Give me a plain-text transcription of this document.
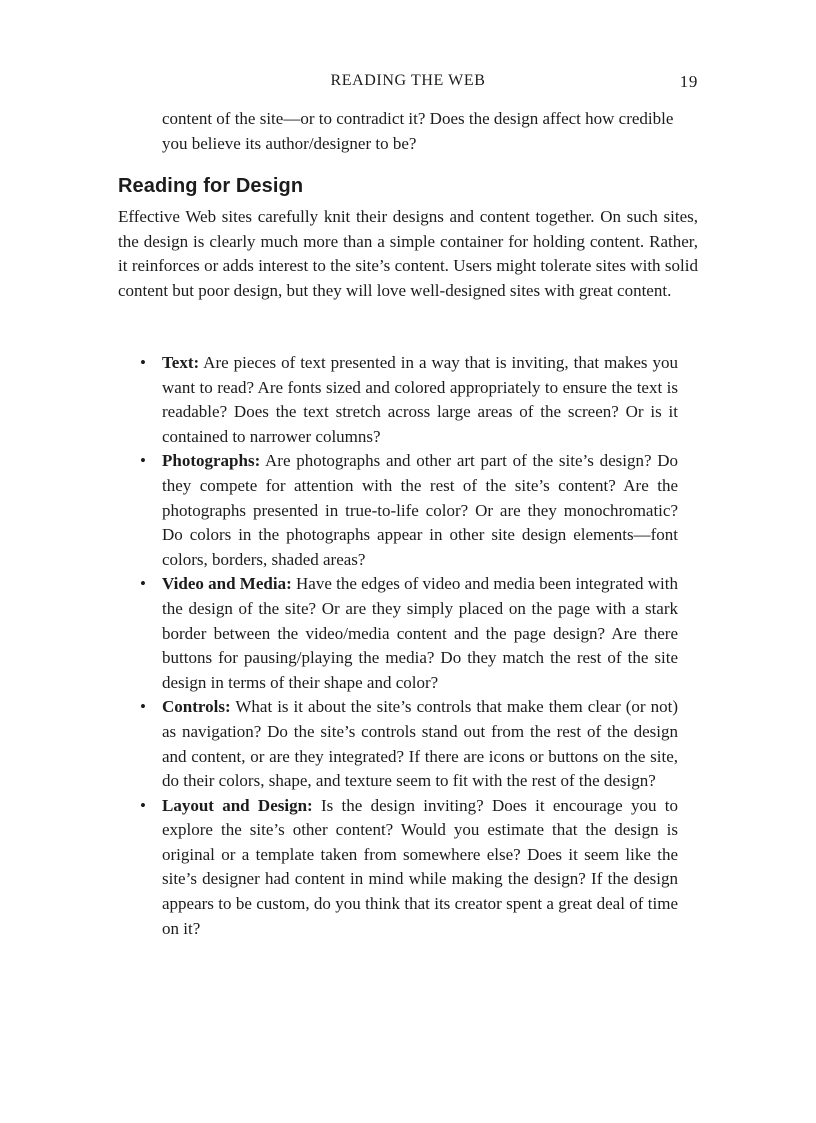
READING THE WEB	19

content of the site—or to contradict it? Does the design affect how credible you believe its author/designer to be?

Reading for Design

Effective Web sites carefully knit their designs and content together. On such sites, the design is clearly much more than a simple container for holding content. Rather, it reinforces or adds interest to the site’s content. Users might tolerate sites with solid content but poor design, but they will love well-designed sites with great content.

• Text: Are pieces of text presented in a way that is inviting, that makes you want to read? Are fonts sized and colored appropriately to ensure the text is readable? Does the text stretch across large areas of the screen? Or is it contained to narrower columns?
• Photographs: Are photographs and other art part of the site’s design? Do they compete for attention with the rest of the site’s content? Are the photographs presented in true-to-life color? Or are they monochromatic? Do colors in the photographs appear in other site design elements—font colors, borders, shaded areas?
• Video and Media: Have the edges of video and media been integrated with the design of the site? Or are they simply placed on the page with a stark border between the video/media content and the page design? Are there buttons for pausing/playing the media? Do they match the rest of the site design in terms of their shape and color?
• Controls: What is it about the site’s controls that make them clear (or not) as navigation? Do the site’s controls stand out from the rest of the design and content, or are they integrated? If there are icons or buttons on the site, do their colors, shape, and texture seem to fit with the rest of the design?
• Layout and Design: Is the design inviting? Does it encourage you to explore the site’s other content? Would you estimate that the design is original or a template taken from somewhere else? Does it seem like the site’s designer had content in mind while making the design? If the design appears to be custom, do you think that its creator spent a great deal of time on it?
